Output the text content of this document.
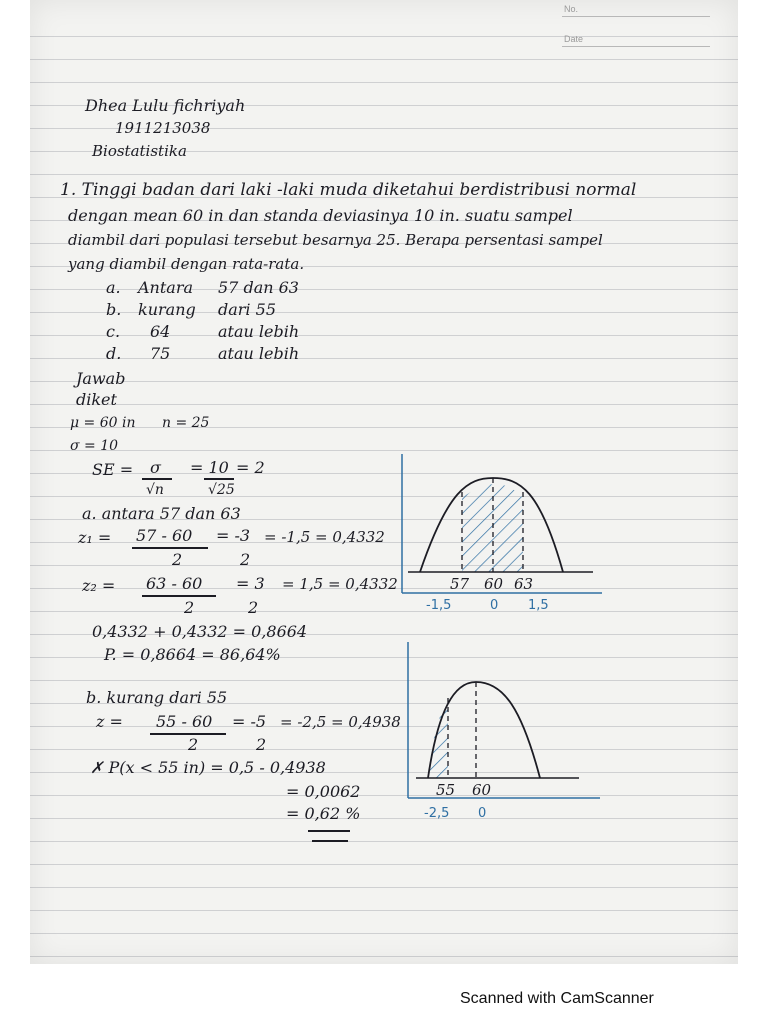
No.
Date
Dhea Lulu fichriyah
1911213038
Biostatistika
1. Tinggi badan dari laki -laki muda diketahui berdistribusi normal
dengan mean 60 in dan standa deviasinya 10 in. suatu sampel
diambil dari populasi tersebut besarnya 25. Berapa persentasi sampel
yang diambil dengan rata-rata.
a. Antara 57 dan 63
b. kurang dari 55
c. 64	atau lebih
d. 75	atau lebih
Jawab
diket
μ = 60 in n = 25
σ = 10
SE = σ
√n
= 10
√25
= 2
a. antara 57 dan 63
z₁ = 57 - 60
2
= -3
2
= -1,5 = 0,4332
z₂ = 63 - 60
2
= 3
2
= 1,5 = 0,4332
0,4332 + 0,4332 = 0,8664
P. = 0,8664 = 86,64%
b. kurang dari 55
z = 55 - 60
2
= -5
2
= -2,5 = 0,4938
✗ P(x < 55 in) = 0,5 - 0,4938
= 0,0062
= 0,62 %
57 60 63
-1,5	0 1,5
55 60
-2,5 0
Scanned with CamScanner
